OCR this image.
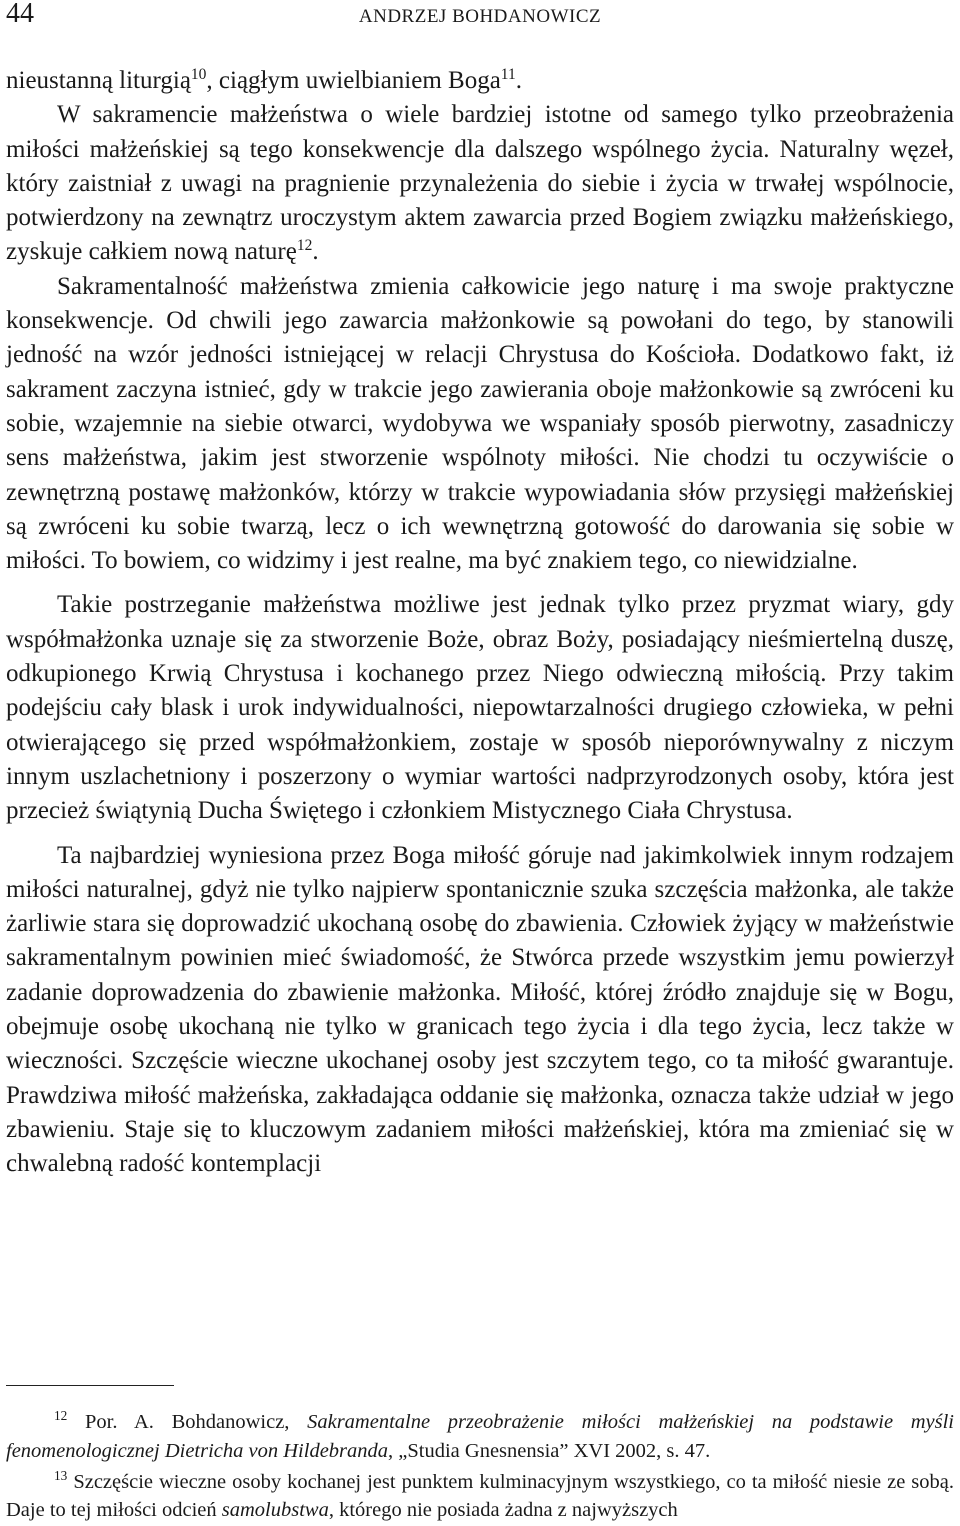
44	ANDRZEJ BOHDANOWICZ

nieustanną liturgią$^{10}$, ciągłym uwielbianiem Boga$^{11}$.

W sakramencie małżeństwa o wiele bardziej istotne od samego tylko przeobrażenia miłości małżeńskiej są tego konsekwencje dla dalszego wspólnego życia. Naturalny węzeł, który zaistniał z uwagi na pragnienie przynależenia do siebie i życia w trwałej wspólnocie, potwierdzony na zewnątrz uroczystym aktem zawarcia przed Bogiem związku małżeńskiego, zyskuje całkiem nową naturę$^{12}$.

Sakramentalność małżeństwa zmienia całkowicie jego naturę i ma swoje praktyczne konsekwencje. Od chwili jego zawarcia małżonkowie są powołani do tego, by stanowili jedność na wzór jedności istniejącej w relacji Chrystusa do Kościoła. Dodatkowo fakt, iż sakrament zaczyna istnieć, gdy w trakcie jego zawierania oboje małżonkowie są zwróceni ku sobie, wzajemnie na siebie otwarci, wydobywa we wspaniały sposób pierwotny, zasadniczy sens małżeństwa, jakim jest stworzenie wspólnoty miłości. Nie chodzi tu oczywiście o zewnętrzną postawę małżonków, którzy w trakcie wypowiadania słów przysięgi małżeńskiej są zwróceni ku sobie twarzą, lecz o ich wewnętrzną gotowość do darowania się sobie w miłości. To bowiem, co widzimy i jest realne, ma być znakiem tego, co niewidzialne.

Takie postrzeganie małżeństwa możliwe jest jednak tylko przez pryzmat wiary, gdy współmałżonka uznaje się za stworzenie Boże, obraz Boży, posiadający nieśmiertelną duszę, odkupionego Krwią Chrystusa i kochanego przez Niego odwieczną miłością. Przy takim podejściu cały blask i urok indywidualności, niepowtarzalności drugiego człowieka, w pełni otwierającego się przed współmałżonkiem, zostaje w sposób nieporównywalny z niczym innym uszlachetniony i poszerzony o wymiar wartości nadprzyrodzonych osoby, która jest przecież świątynią Ducha Świętego i członkiem Mistycznego Ciała Chrystusa.

Ta najbardziej wyniesiona przez Boga miłość góruje nad jakimkolwiek innym rodzajem miłości naturalnej, gdyż nie tylko najpierw spontanicznie szuka szczęścia małżonka, ale także żarliwie stara się doprowadzić ukochaną osobę do zbawienia. Człowiek żyjący w małżeństwie sakramentalnym powinien mieć świadomość, że Stwórca przede wszystkim jemu powierzył zadanie doprowadzenia do zbawienie małżonka. Miłość, której źródło znajduje się w Bogu, obejmuje osobę ukochaną nie tylko w granicach tego życia i dla tego życia, lecz także w wieczności. Szczęście wieczne ukochanej osoby jest szczytem tego, co ta miłość gwarantuje. Prawdziwa miłość małżeńska, zakładająca oddanie się małżonka, oznacza także udział w jego zbawieniu. Staje się to kluczowym zadaniem miłości małżeńskiej, która ma zmieniać się w chwalebną radość kontemplacji

$^{12}$ Por. A. Bohdanowicz, Sakramentalne przeobrażenie miłości małżeńskiej na podstawie myśli fenomenologicznej Dietricha von Hildebranda, „Studia Gnesnensia” XVI 2002, s. 47.

$^{13}$ Szczęście wieczne osoby kochanej jest punktem kulminacyjnym wszystkiego, co ta miłość niesie ze sobą. Daje to tej miłości odcień samolubstwa, którego nie posiada żadna z najwyższych
